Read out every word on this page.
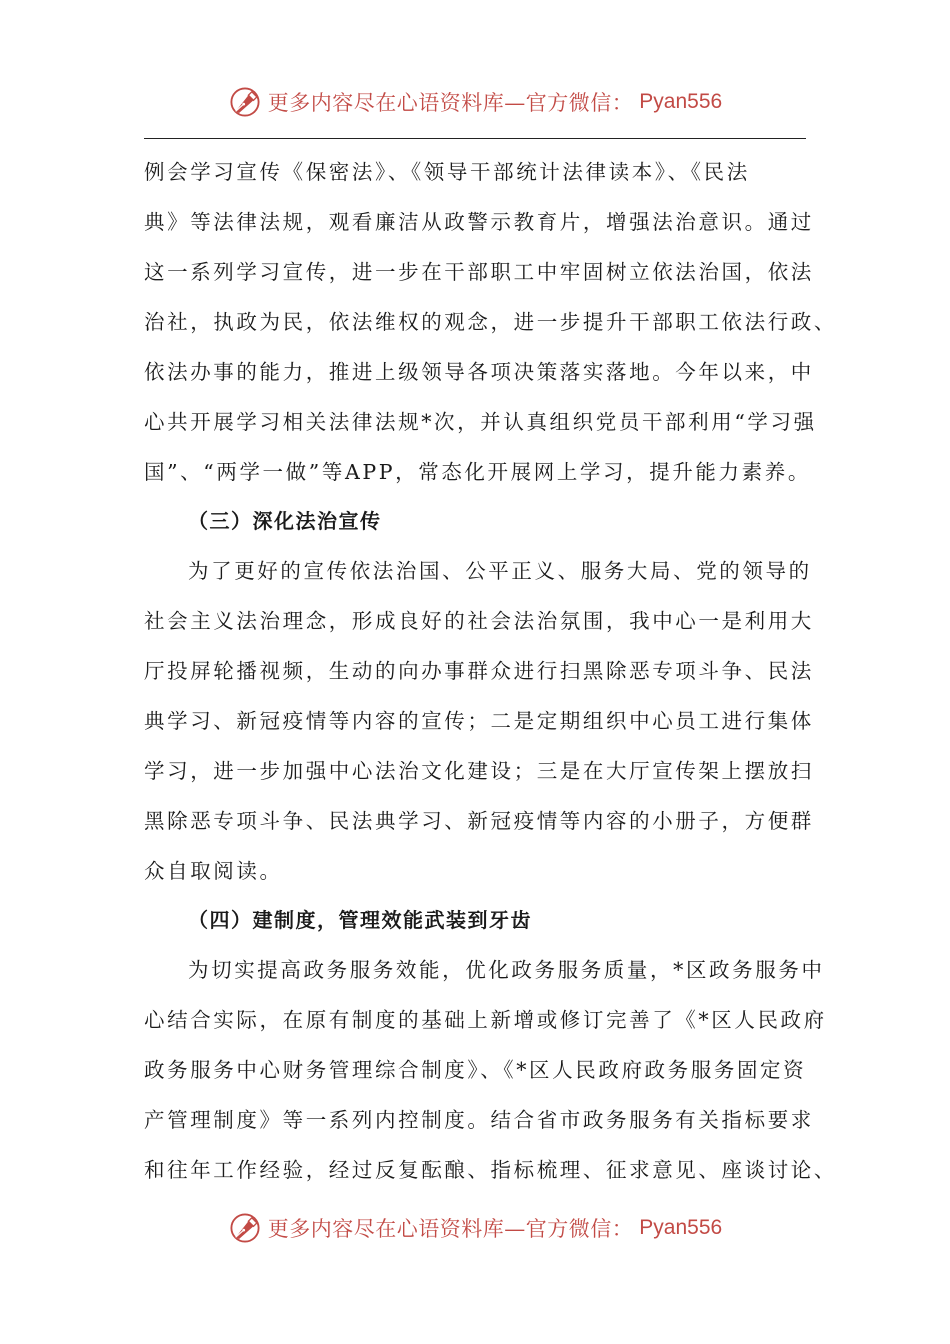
更多内容尽在心语资料库—官方微信： Pyan556
例会学习宣传《保密法》、《领导干部统计法律读本》、《民法
典》等法律法规，观看廉洁从政警示教育片，增强法治意识。通过
这一系列学习宣传，进一步在干部职工中牢固树立依法治国，依法
治社，执政为民，依法维权的观念，进一步提升干部职工依法行政、
依法办事的能力，推进上级领导各项决策落实落地。今年以来，中
心共开展学习相关法律法规*次，并认真组织党员干部利用“学习强
国”、“两学一做”等APP，常态化开展网上学习，提升能力素养。
（三）深化法治宣传
为了更好的宣传依法治国、公平正义、服务大局、党的领导的
社会主义法治理念，形成良好的社会法治氛围，我中心一是利用大
厅投屏轮播视频，生动的向办事群众进行扫黑除恶专项斗争、民法
典学习、新冠疫情等内容的宣传；二是定期组织中心员工进行集体
学习，进一步加强中心法治文化建设；三是在大厅宣传架上摆放扫
黑除恶专项斗争、民法典学习、新冠疫情等内容的小册子，方便群
众自取阅读。
（四）建制度，管理效能武装到牙齿
为切实提高政务服务效能，优化政务服务质量，*区政务服务中
心结合实际，在原有制度的基础上新增或修订完善了《*区人民政府
政务服务中心财务管理综合制度》、《*区人民政府政务服务固定资
产管理制度》等一系列内控制度。结合省市政务服务有关指标要求
和往年工作经验，经过反复酝酿、指标梳理、征求意见、座谈讨论、
更多内容尽在心语资料库—官方微信： Pyan556
